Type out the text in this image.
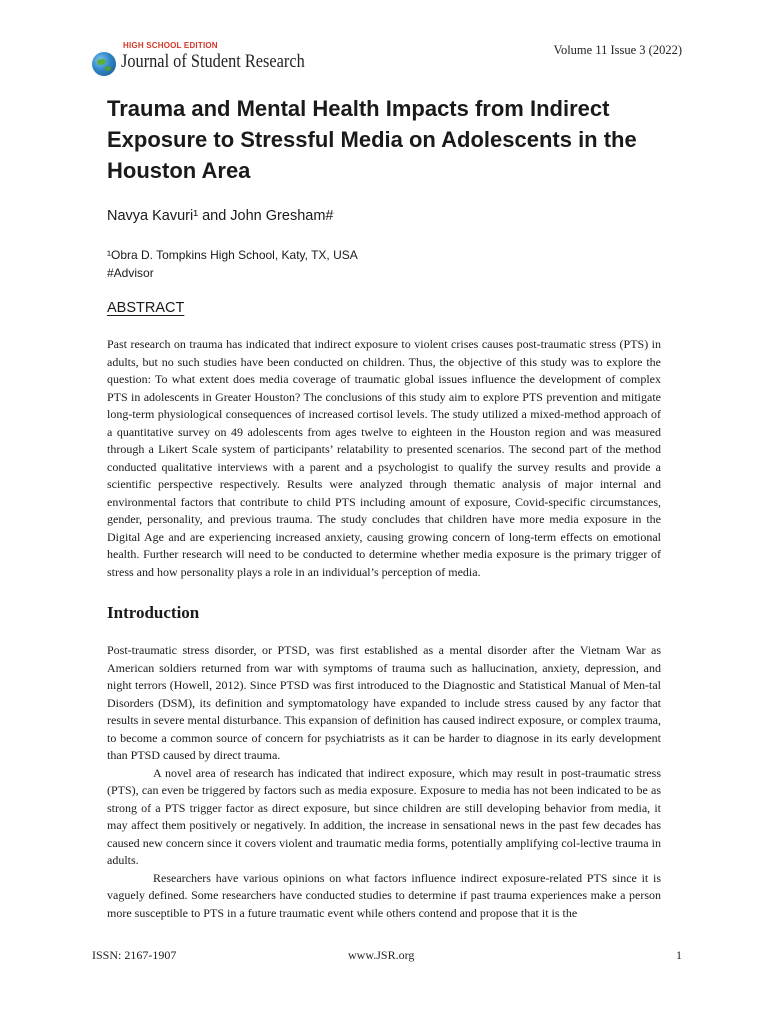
HIGH SCHOOL EDITION
Journal of Student Research
Volume 11 Issue 3 (2022)
Trauma and Mental Health Impacts from Indirect Exposure to Stressful Media on Adolescents in the Houston Area
Navya Kavuri¹ and John Gresham#
¹Obra D. Tompkins High School, Katy, TX, USA
#Advisor
ABSTRACT

Past research on trauma has indicated that indirect exposure to violent crises causes post-traumatic stress (PTS) in adults, but no such studies have been conducted on children. Thus, the objective of this study was to explore the question: To what extent does media coverage of traumatic global issues influence the development of complex PTS in adolescents in Greater Houston? The conclusions of this study aim to explore PTS prevention and mitigate long-term physiological consequences of increased cortisol levels. The study utilized a mixed-method approach of a quantitative survey on 49 adolescents from ages twelve to eighteen in the Houston region and was measured through a Likert Scale system of participants’ relatability to presented scenarios. The second part of the method conducted qualitative interviews with a parent and a psychologist to qualify the survey results and provide a scientific perspective respectively. Results were analyzed through thematic analysis of major internal and environmental factors that contribute to child PTS including amount of exposure, Covid-specific circumstances, gender, personality, and previous trauma. The study concludes that children have more media exposure in the Digital Age and are experiencing increased anxiety, causing growing concern of long-term effects on emotional health. Further research will need to be conducted to determine whether media exposure is the primary trigger of stress and how personality plays a role in an individual’s perception of media.

Introduction

Post-traumatic stress disorder, or PTSD, was first established as a mental disorder after the Vietnam War as American soldiers returned from war with symptoms of trauma such as hallucination, anxiety, depression, and night terrors (Howell, 2012). Since PTSD was first introduced to the Diagnostic and Statistical Manual of Men-tal Disorders (DSM), its definition and symptomatology have expanded to include stress caused by any factor that results in severe mental disturbance. This expansion of definition has caused indirect exposure, or complex trauma, to become a common source of concern for psychiatrists as it can be harder to diagnose in its early development than PTSD caused by direct trauma.

A novel area of research has indicated that indirect exposure, which may result in post-traumatic stress (PTS), can even be triggered by factors such as media exposure. Exposure to media has not been indicated to be as strong of a PTS trigger factor as direct exposure, but since children are still developing behavior from media, it may affect them positively or negatively. In addition, the increase in sensational news in the past few decades has caused new concern since it covers violent and traumatic media forms, potentially amplifying col-lective trauma in adults.

Researchers have various opinions on what factors influence indirect exposure-related PTS since it is vaguely defined. Some researchers have conducted studies to determine if past trauma experiences make a person more susceptible to PTS in a future traumatic event while others contend and propose that it is the

ISSN: 2167-1907	www.JSR.org	1
